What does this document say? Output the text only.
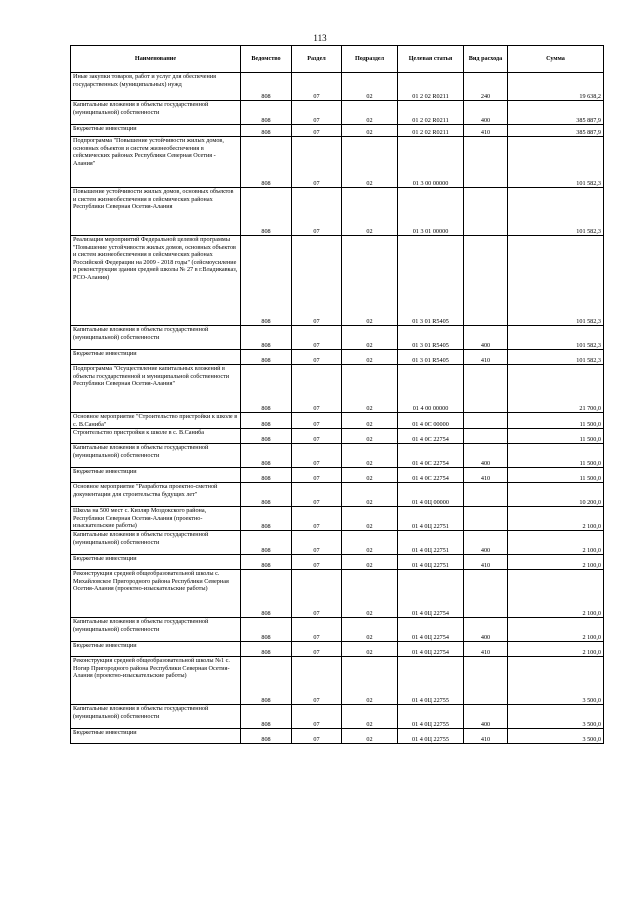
113
Наименование	Ведомство	Раздел	Подраздел	Целевая статья	Вид расхода	Сумма
Иные закупки товаров, работ и услуг для обеспечения государственных (муниципальных) нужд	808	07	02	01 2 02 R0211	240	19 638,2
Капитальные вложения в объекты государственной (муниципальной) собственности	808	07	02	01 2 02 R0211	400	385 887,9
Бюджетные инвестиции	808	07	02	01 2 02 R0211	410	385 887,9
Подпрограмма "Повышение устойчивости жилых домов, основных объектов и систем жизнеобеспечения в сейсмических районах Республики Северная Осетия - Алания"	808	07	02	01 3 00 00000		101 582,3
Повышение устойчивости жилых домов, основных объектов и систем жизнеобеспечения в сейсмических районах Республики Северная Осетия-Алания	808	07	02	01 3 01 00000		101 582,3
Реализация мероприятий Федеральной целевой программы "Повышение устойчивости жилых домов, основных объектов и систем жизнеобеспечения в сейсмических районах Российской Федерации на 2009 - 2018 годы" (сейсмоусиление и реконструкция здания средней школы № 27 в г.Владикавказ, РСО-Алания)	808	07	02	01 3 01 R5405		101 582,3
Капитальные вложения в объекты государственной (муниципальной) собственности	808	07	02	01 3 01 R5405	400	101 582,3
Бюджетные инвестиции	808	07	02	01 3 01 R5405	410	101 582,3
Подпрограмма "Осуществление капитальных вложений в объекты государственной и муниципальной собственности Республики Северная Осетия-Алания"	808	07	02	01 4 00 00000		21 700,0
Основное мероприятие "Строительство пристройки к школе в с. В.Саниба"	808	07	02	01 4 0С 00000		11 500,0
Строительство пристройки к школе в с. В.Саниба	808	07	02	01 4 0С 22754		11 500,0
Капитальные вложения в объекты государственной (муниципальной) собственности	808	07	02	01 4 0С 22754	400	11 500,0
Бюджетные инвестиции	808	07	02	01 4 0С 22754	410	11 500,0
Основное мероприятие "Разработка проектно-сметной документации для строительства будущих лет"	808	07	02	01 4 0Ц 00000		10 200,0
Школа на 500 мест с. Кизляр Моздокского района, Республики Северная Осетия-Алания (проектно-изыскательские работы)	808	07	02	01 4 0Ц 22751		2 100,0
Капитальные вложения в объекты государственной (муниципальной) собственности	808	07	02	01 4 0Ц 22751	400	2 100,0
Бюджетные инвестиции	808	07	02	01 4 0Ц 22751	410	2 100,0
Реконструкция средней общеобразовательной школы с. Михайловское Пригородного района Республики Северная Осетия-Алания (проектно-изыскательские работы)	808	07	02	01 4 0Ц 22754		2 100,0
Капитальные вложения в объекты государственной (муниципальной) собственности	808	07	02	01 4 0Ц 22754	400	2 100,0
Бюджетные инвестиции	808	07	02	01 4 0Ц 22754	410	2 100,0
Реконструкция средней общеобразовательной школы №1 с. Ногир Пригородного района Республики Северная Осетия-Алания (проектно-изыскательские работы)	808	07	02	01 4 0Ц 22755		3 500,0
Капитальные вложения в объекты государственной (муниципальной) собственности	808	07	02	01 4 0Ц 22755	400	3 500,0
Бюджетные инвестиции	808	07	02	01 4 0Ц 22755	410	3 500,0
